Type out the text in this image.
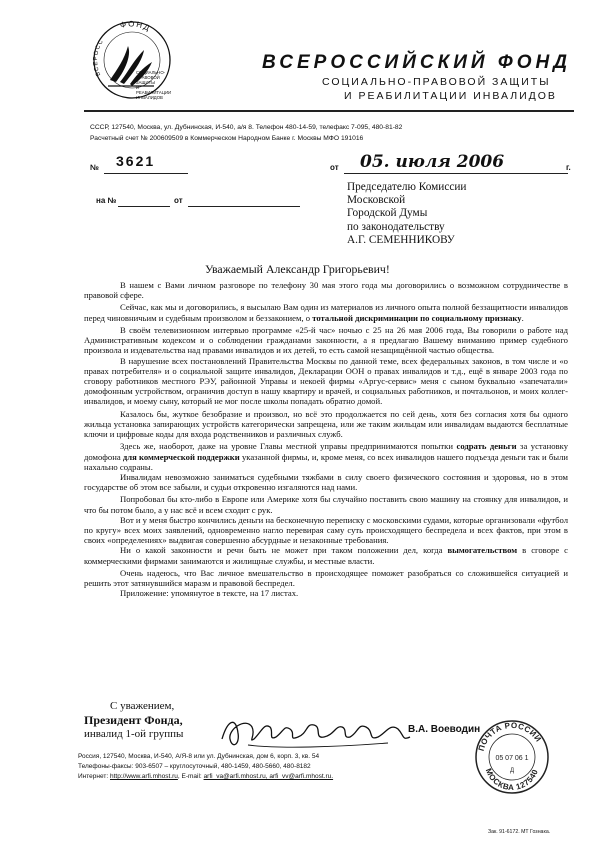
ФОНД
ВСЕРОСС
СОЦИАЛЬНО-
ПРАВОВОЙ
ЗАЩИТЫ
И
РЕАБИЛИТАЦИИ
ИНВАЛИДОВ
ВСЕРОССИЙСКИЙ ФОНД
СОЦИАЛЬНО-ПРАВОВОЙ ЗАЩИТЫ
И РЕАБИЛИТАЦИИ ИНВАЛИДОВ
СССР, 127540, Москва, ул. Дубнинская, И-540, а/я 8. Телефон 480-14-59, телефакс 7-095, 480-81-82
Расчетный счет № 200609509 в Коммерческом Народном Банке г. Москвы МФО 191016
№ 3621	от 05. июля 2006	г.
на №	от
Председателю Комиссии
Московской
Городской Думы
по законодательству
А.Г. СЕМЕННИКОВУ
Уважаемый Александр Григорьевич!

В нашем с Вами личном разговоре по телефону 30 мая этого года мы договорились о возможном сотрудничестве в правовой сфере.

Сейчас, как мы и договорились, я высылаю Вам один из материалов из личного опыта полной беззащитности инвалидов перед чиновничьим и судебным произволом и беззаконием, о тотальной дискриминации по социальному признаку.

В своём телевизионном интервью программе «25-й час» ночью с 25 на 26 мая 2006 года, Вы говорили о работе над Административным кодексом и о соблюдении гражданами законности, а я предлагаю Вашему вниманию пример судебного произвола и издевательства над правами инвалидов и их детей, то есть самой незащищённой частью общества.

В нарушение всех постановлений Правительства Москвы по данной теме, всех федеральных законов, в том числе и «о правах потребителя» и о социальной защите инвалидов, Декларации ООН о правах инвалидов и т.д., ещё в январе 2003 года по сговору работников местного РЭУ, районной Управы и некоей фирмы «Аргус-сервис» меня с сыном буквально «запечатали» домофонным устройством, ограничив доступ в нашу квартиру и врачей, и социальных работников, и почтальонов, и моих коллег-инвалидов, и моему сыну, который не мог после школы попадать обратно домой.

Казалось бы, жуткое безобразие и произвол, но всё это продолжается по сей день, хотя без согласия хотя бы одного жильца установка запирающих устройств категорически запрещена, или же таким жильцам или инвалидам выдаются бесплатные ключи и цифровые коды для входа родственников и различных служб.

Здесь же, наоборот, даже на уровне Главы местной управы предпринимаются попытки содрать деньги за установку домофона для коммерческой поддержки указанной фирмы, и, кроме меня, со всех инвалидов нашего подъезда деньги так и были нахально содраны.

Инвалидам невозможно заниматься судебными тяжбами в силу своего физического состояния и здоровья, но в этом государстве об этом все забыли, и судьи откровенно изгаляются над нами.

Попробовал бы кто-либо в Европе или Америке хотя бы случайно поставить свою машину на стоянку для инвалидов, и что бы потом было, а у нас всё и всем сходит с рук.

Вот и у меня быстро кончились деньги на бесконечную переписку с московскими судами, которые организовали «футбол по кругу» всех моих заявлений, одновременно нагло перевирая саму суть происходящего беспредела и всех фактов, при этом в своих «определениях» выдвигая совершенно абсурдные и незаконные требования.

Ни о какой законности и речи быть не может при таком положении дел, когда вымогательством в сговоре с коммерческими фирмами занимаются и жилищные службы, и местные власти.

Очень надеюсь, что Вас личное вмешательство в происходящее поможет разобраться со сложившейся ситуацией и решить этот затянувшийся маразм и правовой беспредел.

Приложение: упомянутое в тексте, на 17 листах.

С уважением,
Президент Фонда,
инвалид 1-ой группы	В.А. Воеводин
ПОЧТА РОССИИ
МОСКВА 127540
05 07 06 1
Д
Россия, 127540, Москва, И-540, А/Я-8 или ул. Дубнинская, дом 6, корп. 3, кв. 54
Телефоны-факсы: 903-6507 – круглосуточный, 480-1459, 480-5660, 480-8182
Интернет: http://www.arfi.mhost.ru, E-mail: arfi_va@arfi.mhost.ru, arfi_vv@arfi.mhost.ru.
Зак. 91-6172. МТ Гознака.
